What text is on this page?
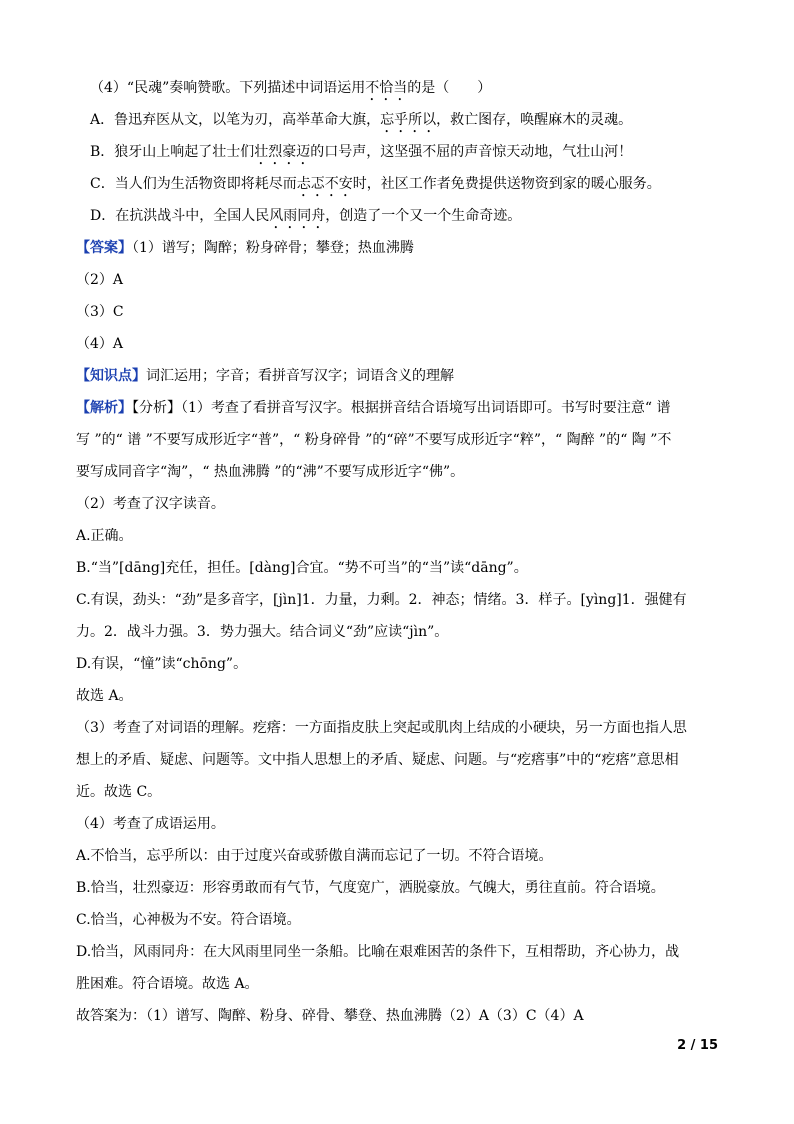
（4）“民魂”奏响赞歌。下列描述中词语运用不恰当的是（　　）
A．鲁迅弃医从文，以笔为刃，高举革命大旗，忘乎所以，救亡图存，唤醒麻木的灵魂。
B．狼牙山上响起了壮士们壮烈豪迈的口号声，这坚强不屈的声音惊天动地，气壮山河！
C．当人们为生活物资即将耗尽而忐忑不安时，社区工作者免费提供送物资到家的暖心服务。
D．在抗洪战斗中，全国人民风雨同舟，创造了一个又一个生命奇迹。
【答案】（1）谱写；陶醉；粉身碎骨；攀登；热血沸腾
（2）A
（3）C
（4）A
【知识点】词汇运用；字音；看拼音写汉字；词语含义的理解
【解析】【分析】（1）考查了看拼音写汉字。根据拼音结合语境写出词语即可。书写时要注意“ 谱
写 ”的“ 谱 ”不要写成形近字“普”，“ 粉身碎骨 ”的“碎”不要写成形近字“粹”，“ 陶醉 ”的“ 陶 ”不
要写成同音字“淘”，“ 热血沸腾 ”的“沸”不要写成形近字“佛”。
（2）考查了汉字读音。
A.正确。
B.“当”[dāng]充任，担任。[dàng]合宜。“势不可当”的“当”读“dāng”。
C.有误，劲头：“劲”是多音字，[jìn]1．力量，力剩。2．神态；情绪。3．样子。[yìng]1．强健有
力。2．战斗力强。3．势力强大。结合词义“劲”应读“jìn”。
D.有误，“憧”读“chōng”。
故选 A。
（3）考查了对词语的理解。疙瘩：一方面指皮肤上突起或肌肉上结成的小硬块，另一方面也指人思
想上的矛盾、疑虑、问题等。文中指人思想上的矛盾、疑虑、问题。与“疙瘩事”中的“疙瘩”意思相
近。故选 C。
（4）考查了成语运用。
A.不恰当，忘乎所以：由于过度兴奋或骄傲自满而忘记了一切。不符合语境。
B.恰当，壮烈豪迈：形容勇敢而有气节，气度宽广，洒脱豪放。气魄大，勇往直前。符合语境。
C.恰当，心神极为不安。符合语境。
D.恰当，风雨同舟：在大风雨里同坐一条船。比喻在艰难困苦的条件下，互相帮助，齐心协力，战
胜困难。符合语境。故选 A。
故答案为：（1）谱写、陶醉、粉身、碎骨、攀登、热血沸腾（2）A（3）C（4）A
2 / 15
